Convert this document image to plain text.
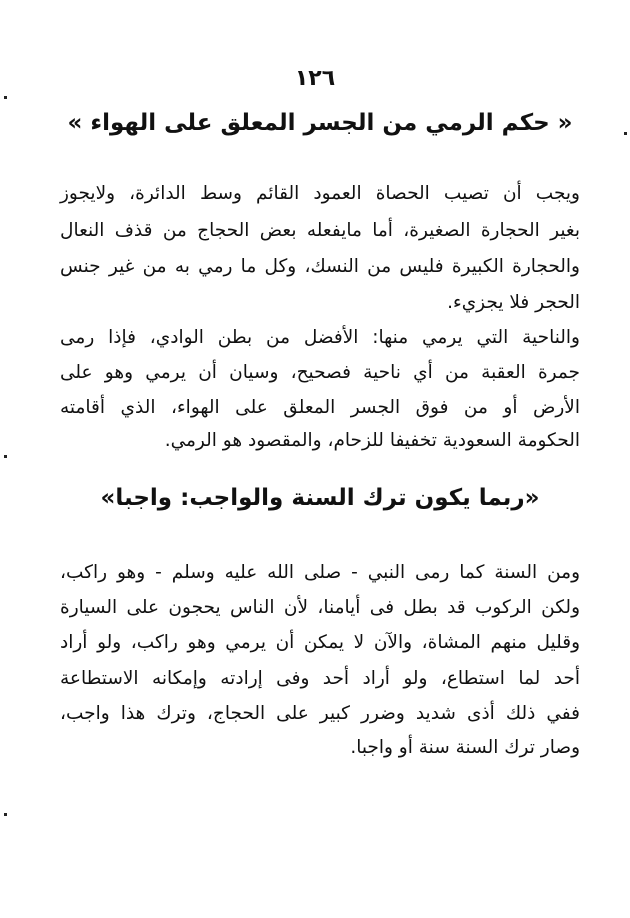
١٢٦
« حكم الرمي من الجسر المعلق على الهواء »
ويجب أن تصيب الحصاة العمود القائم وسط الدائرة، ولايجوز
بغير الحجارة الصغيرة، أما مايفعله بعض الحجاج من قذف النعال
والحجارة الكبيرة فليس من النسك، وكل ما رمي به من غير جنس
الحجر فلا يجزيء.
والناحية التي يرمي منها: الأفضل من بطن الوادي، فإذا رمى
جمرة العقبة من أي ناحية فصحيح، وسيان أن يرمي وهو على
الأرض أو من فوق الجسر المعلق على الهواء، الذي أقامته
الحكومة السعودية تخفيفا للزحام، والمقصود هو الرمي.
«ربما يكون ترك السنة والواجب: واجبا»
ومن السنة كما رمى النبي - صلى الله عليه وسلم - وهو راكب،
ولكن الركوب قد بطل فى أيامنا، لأن الناس يحجون على السيارة
وقليل منهم المشاة، والآن لا يمكن أن يرمي وهو راكب، ولو أراد
أحد لما استطاع، ولو أراد أحد وفى إرادته وإمكانه الاستطاعة
ففي ذلك أذى شديد وضرر كبير على الحجاج، وترك هذا واجب،
وصار ترك السنة سنة أو واجبا.
